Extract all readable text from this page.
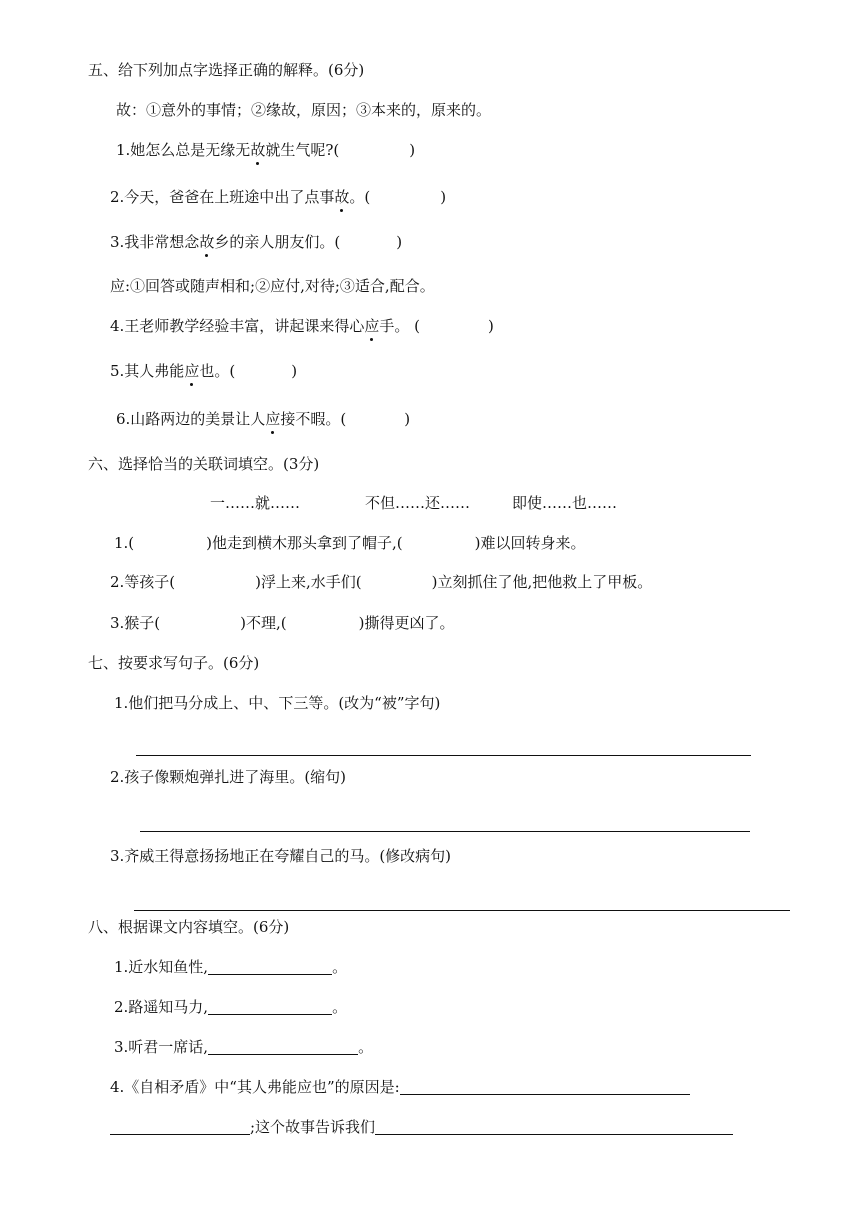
五、给下列加点字选择正确的解释。(6分)
故：①意外的事情；②缘故，原因；③本来的，原来的。
1.她怎么总是无缘无故就生气呢?(	)
2.今天，爸爸在上班途中出了点事故。(	)
3.我非常想念故乡的亲人朋友们。(	)
应:①回答或随声相和;②应付,对待;③适合,配合。
4.王老师教学经验丰富，讲起课来得心应手。 (	)
5.其人弗能应也。(	)
6.山路两边的美景让人应接不暇。(	)
六、选择恰当的关联词填空。(3分)
一……就……	不但……还……	即使……也……
1.(	)他走到横木那头拿到了帽子,(	)难以回转身来。
2.等孩子(	)浮上来,水手们(	)立刻抓住了他,把他救上了甲板。
3.猴子(	)不理,(	)撕得更凶了。
七、按要求写句子。(6分)
1.他们把马分成上、中、下三等。(改为“被”字句)
2.孩子像颗炮弹扎进了海里。(缩句)
3.齐威王得意扬扬地正在夸耀自己的马。(修改病句)
八、根据课文内容填空。(6分)
1.近水知鱼性,	。
2.路遥知马力,	。
3.听君一席话,	。
4.《自相矛盾》中“其人弗能应也”的原因是:
;这个故事告诉我们
